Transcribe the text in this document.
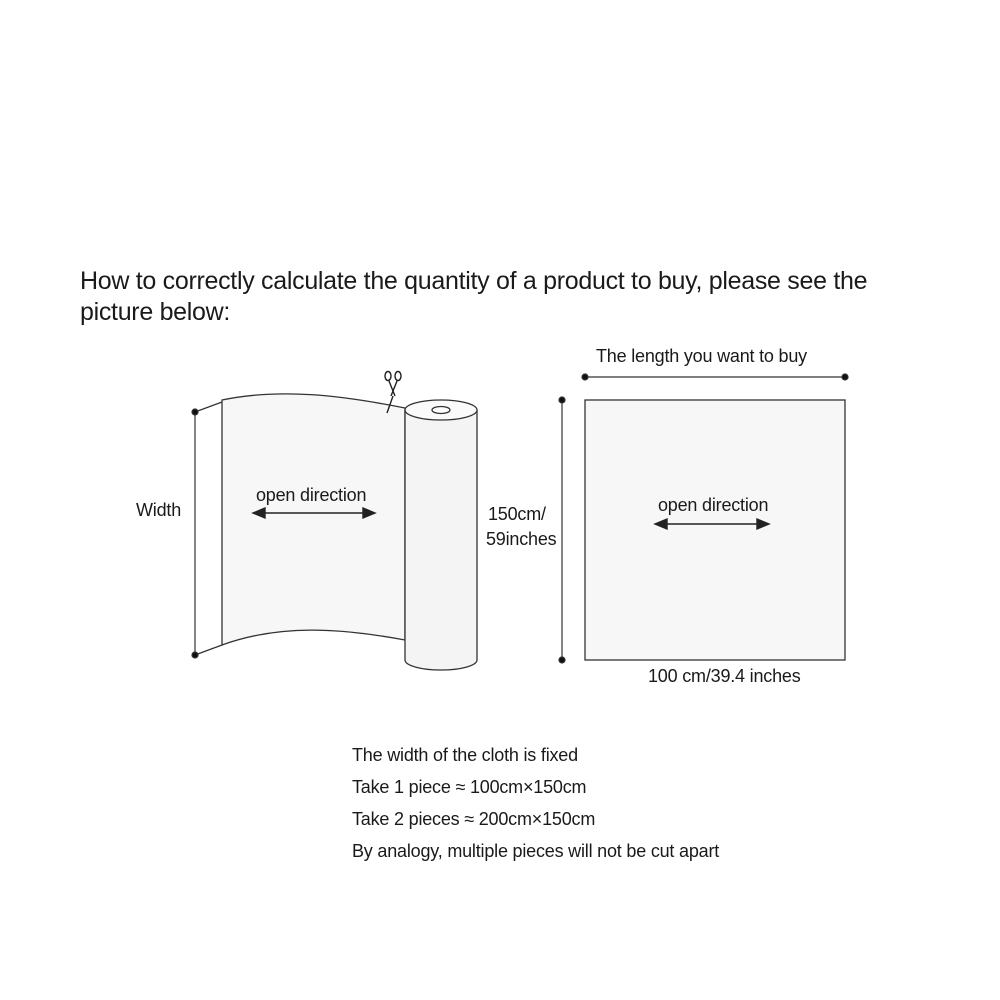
How to correctly calculate the quantity of a product to buy, please see the picture below:
Width
open direction
The length you want to buy
150cm/
59inches
open direction
100 cm/39.4 inches
The width of the cloth is fixed
Take 1 piece ≈ 100cm×150cm
Take 2 pieces ≈ 200cm×150cm
By analogy, multiple pieces will not be cut apart
